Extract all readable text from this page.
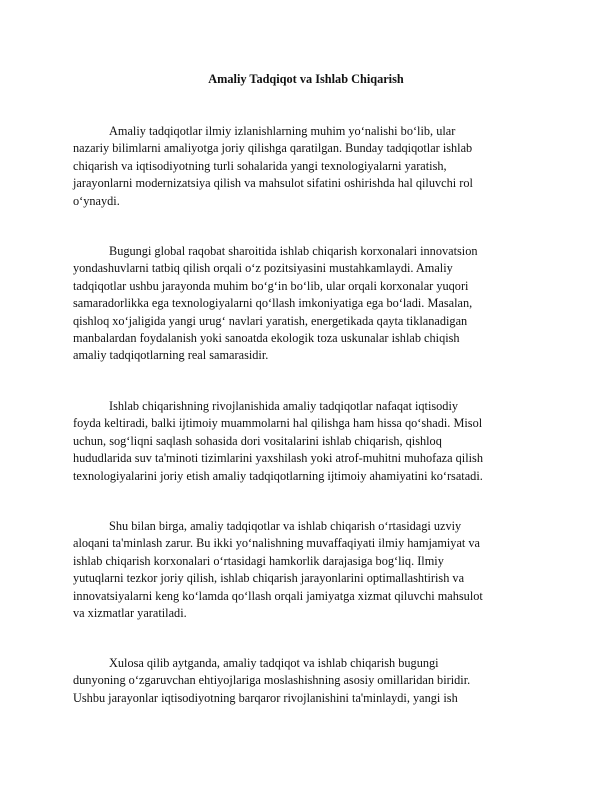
Amaliy Tadqiqot va Ishlab Chiqarish
Amaliy tadqiqotlar ilmiy izlanishlarning muhim yo‘nalishi bo‘lib, ular
nazariy bilimlarni amaliyotga joriy qilishga qaratilgan. Bunday tadqiqotlar ishlab
chiqarish va iqtisodiyotning turli sohalarida yangi texnologiyalarni yaratish,
jarayonlarni modernizatsiya qilish va mahsulot sifatini oshirishda hal qiluvchi rol
o‘ynaydi.
Bugungi global raqobat sharoitida ishlab chiqarish korxonalari innovatsion
yondashuvlarni tatbiq qilish orqali o‘z pozitsiyasini mustahkamlaydi. Amaliy
tadqiqotlar ushbu jarayonda muhim bo‘g‘in bo‘lib, ular orqali korxonalar yuqori
samaradorlikka ega texnologiyalarni qo‘llash imkoniyatiga ega bo‘ladi. Masalan,
qishloq xo‘jaligida yangi urug‘ navlari yaratish, energetikada qayta tiklanadigan
manbalardan foydalanish yoki sanoatda ekologik toza uskunalar ishlab chiqish
amaliy tadqiqotlarning real samarasidir.
Ishlab chiqarishning rivojlanishida amaliy tadqiqotlar nafaqat iqtisodiy
foyda keltiradi, balki ijtimoiy muammolarni hal qilishga ham hissa qo‘shadi. Misol
uchun, sog‘liqni saqlash sohasida dori vositalarini ishlab chiqarish, qishloq
hududlarida suv ta'minoti tizimlarini yaxshilash yoki atrof-muhitni muhofaza qilish
texnologiyalarini joriy etish amaliy tadqiqotlarning ijtimoiy ahamiyatini ko‘rsatadi.
Shu bilan birga, amaliy tadqiqotlar va ishlab chiqarish o‘rtasidagi uzviy
aloqani ta'minlash zarur. Bu ikki yo‘nalishning muvaffaqiyati ilmiy hamjamiyat va
ishlab chiqarish korxonalari o‘rtasidagi hamkorlik darajasiga bog‘liq. Ilmiy
yutuqlarni tezkor joriy qilish, ishlab chiqarish jarayonlarini optimallashtirish va
innovatsiyalarni keng ko‘lamda qo‘llash orqali jamiyatga xizmat qiluvchi mahsulot
va xizmatlar yaratiladi.
Xulosa qilib aytganda, amaliy tadqiqot va ishlab chiqarish bugungi
dunyoning o‘zgaruvchan ehtiyojlariga moslashishning asosiy omillaridan biridir.
Ushbu jarayonlar iqtisodiyotning barqaror rivojlanishini ta'minlaydi, yangi ish
